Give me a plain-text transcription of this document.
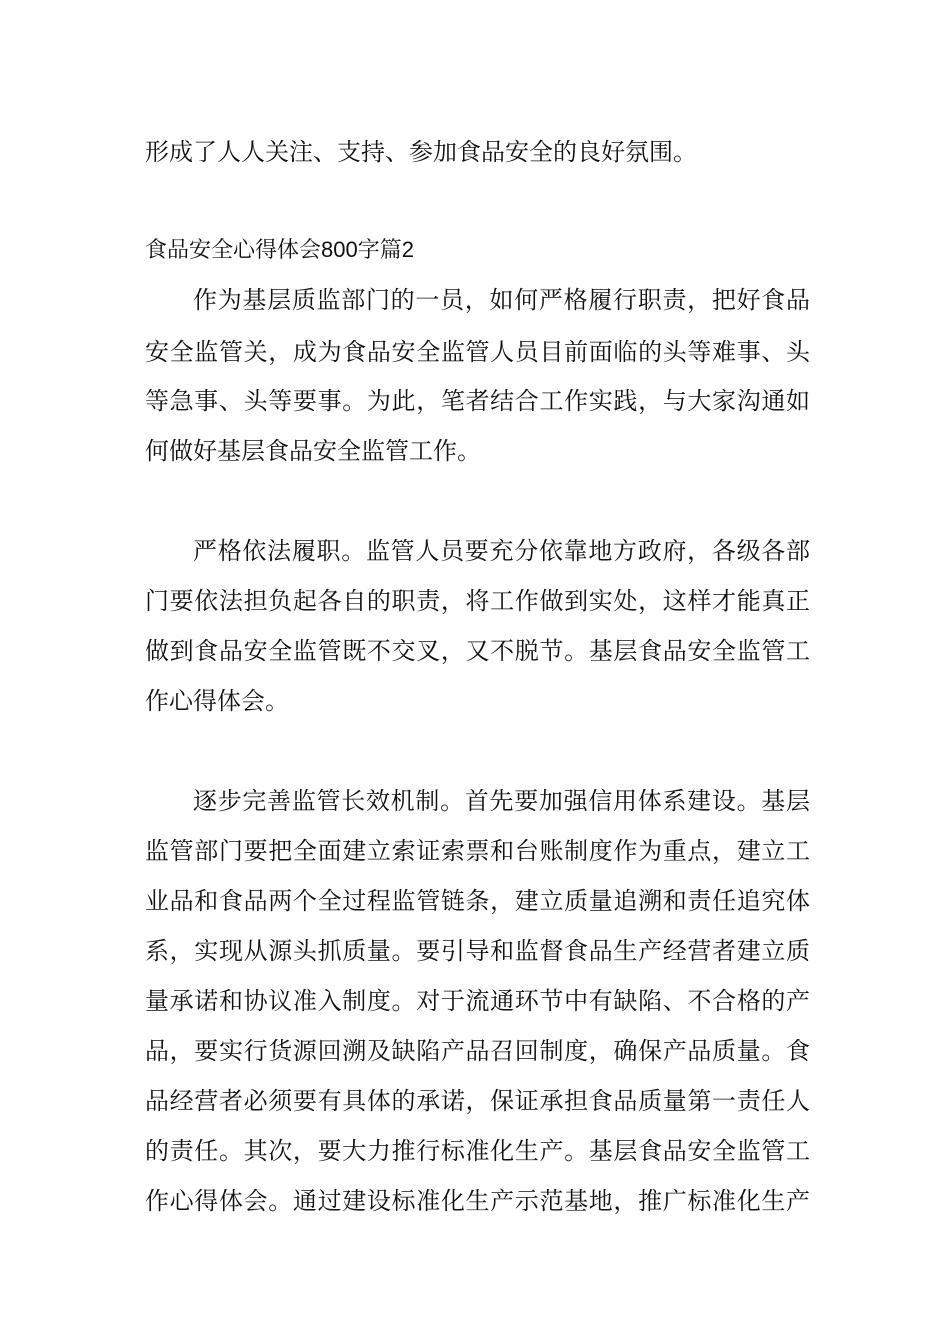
形成了人人关注、支持、参加食品安全的良好氛围。
食品安全心得体会800字篇2
作为基层质监部门的一员，如何严格履行职责，把好食品
安全监管关，成为食品安全监管人员目前面临的头等难事、头
等急事、头等要事。为此，笔者结合工作实践，与大家沟通如
何做好基层食品安全监管工作。
严格依法履职。监管人员要充分依靠地方政府，各级各部
门要依法担负起各自的职责，将工作做到实处，这样才能真正
做到食品安全监管既不交叉，又不脱节。基层食品安全监管工
作心得体会。
逐步完善监管长效机制。首先要加强信用体系建设。基层
监管部门要把全面建立索证索票和台账制度作为重点，建立工
业品和食品两个全过程监管链条，建立质量追溯和责任追究体
系，实现从源头抓质量。要引导和监督食品生产经营者建立质
量承诺和协议准入制度。对于流通环节中有缺陷、不合格的产
品，要实行货源回溯及缺陷产品召回制度，确保产品质量。食
品经营者必须要有具体的承诺，保证承担食品质量第一责任人
的责任。其次，要大力推行标准化生产。基层食品安全监管工
作心得体会。通过建设标准化生产示范基地，推广标准化生产
